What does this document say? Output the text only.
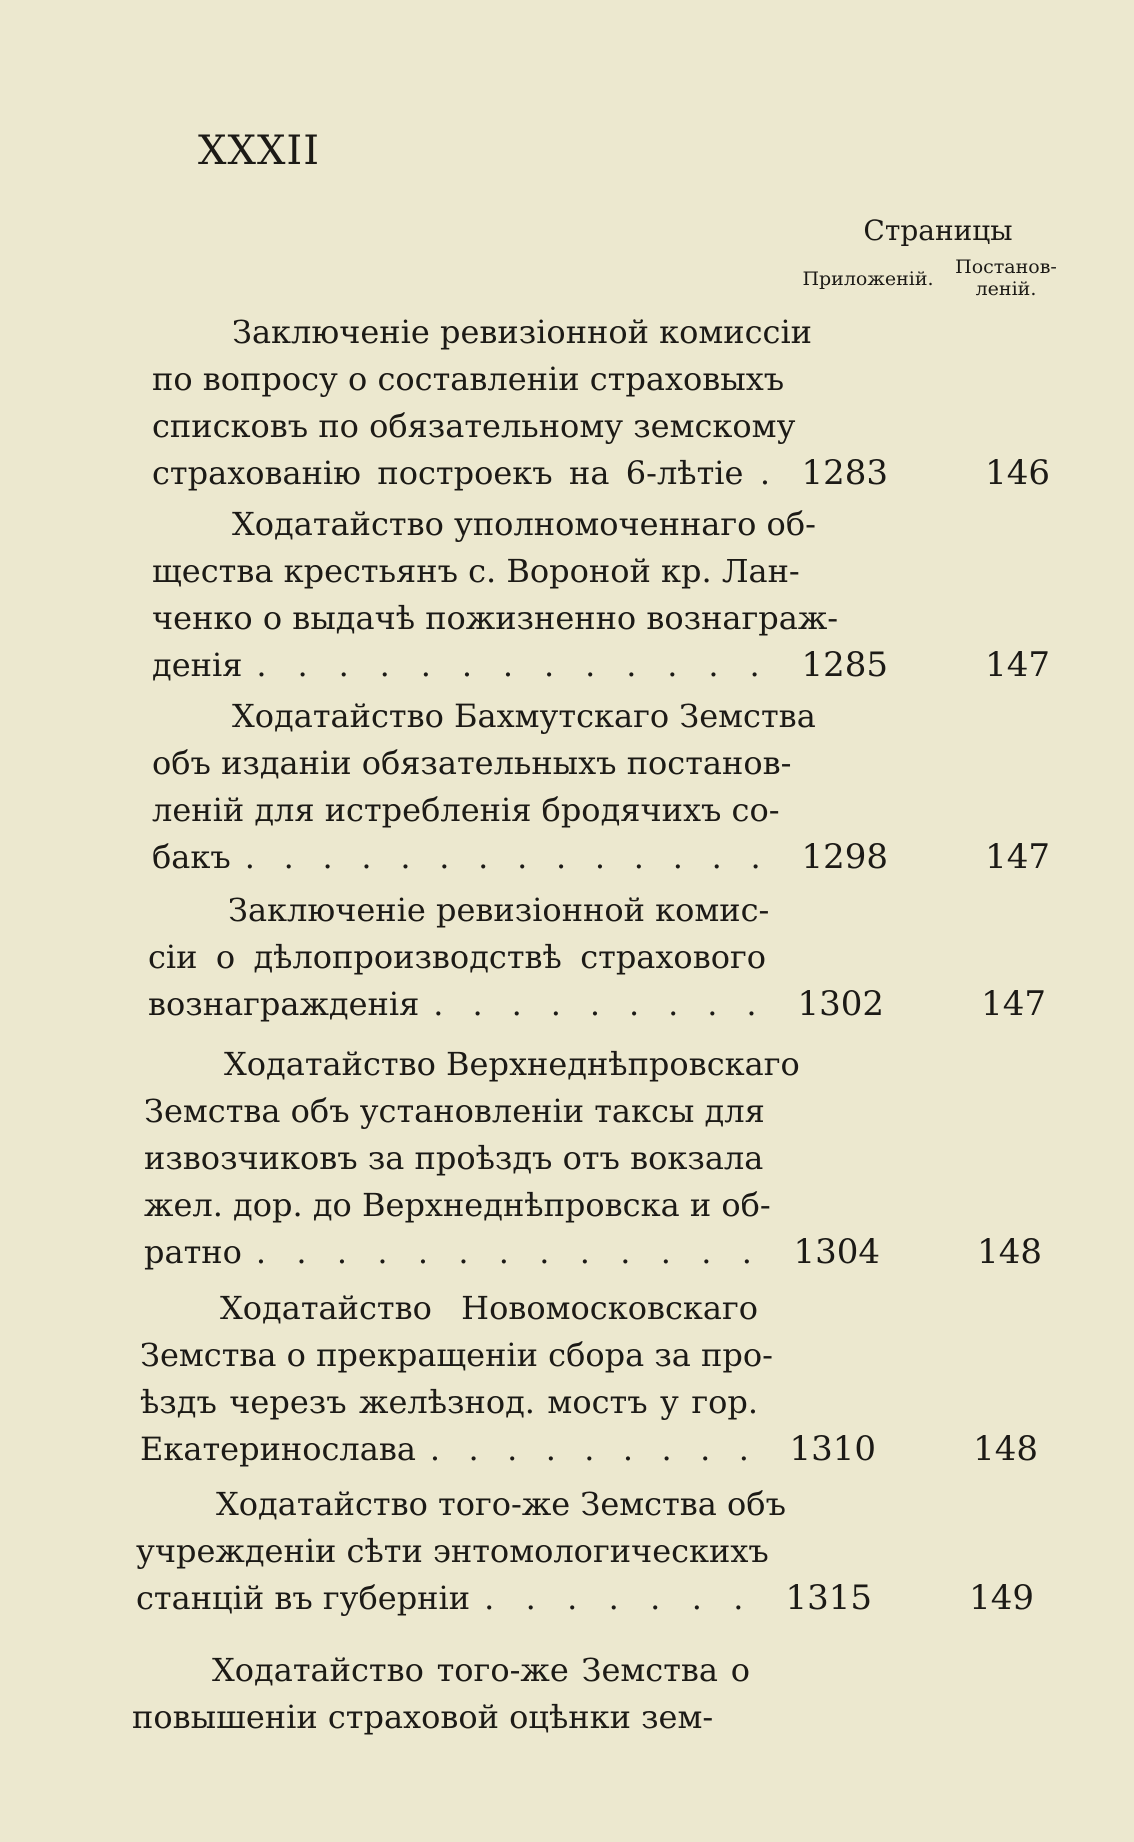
XXXII
Страницы
Приложеній.
Постанов-
леній.
Заключеніе ревизіонной комиссіи
по вопросу о составленіи страховыхъ
списковъ по обязательному земскому
страхованію построекъ на 6-лѣтіе . 1283	146
Ходатайство уполномоченнаго об-
щества крестьянъ с. Вороной кр. Лан-
ченко о выдачѣ пожизненно вознаграж-
денія . . . . . . . . . . . . . 1285	147
Ходатайство Бахмутскаго Земства
объ изданіи обязательныхъ постанов-
леній для истребленія бродячихъ со-
бакъ . . . . . . . . . . . . . . 1298	147
Заключеніе ревизіонной комис-
сіи о дѣлопроизводствѣ страхового
вознагражденія . . . . . . . . . 1302	147
Ходатайство Верхнеднѣпровскаго
Земства объ установленіи таксы для
извозчиковъ за проѣздъ отъ вокзала
жел. дор. до Верхнеднѣпровска и об-
ратно . . . . . . . . . . . . . 1304	148
Ходатайство Новомосковскаго
Земства о прекращеніи сбора за про-
ѣздъ черезъ желѣзнод. мостъ у гор.
Екатеринослава . . . . . . . . . 1310	148
Ходатайство того-же Земства объ
учрежденіи сѣти энтомологическихъ
станцій въ губерніи . . . . . . . 1315	149
Ходатайство того-же Земства о
повышеніи страховой оцѣнки зем-
